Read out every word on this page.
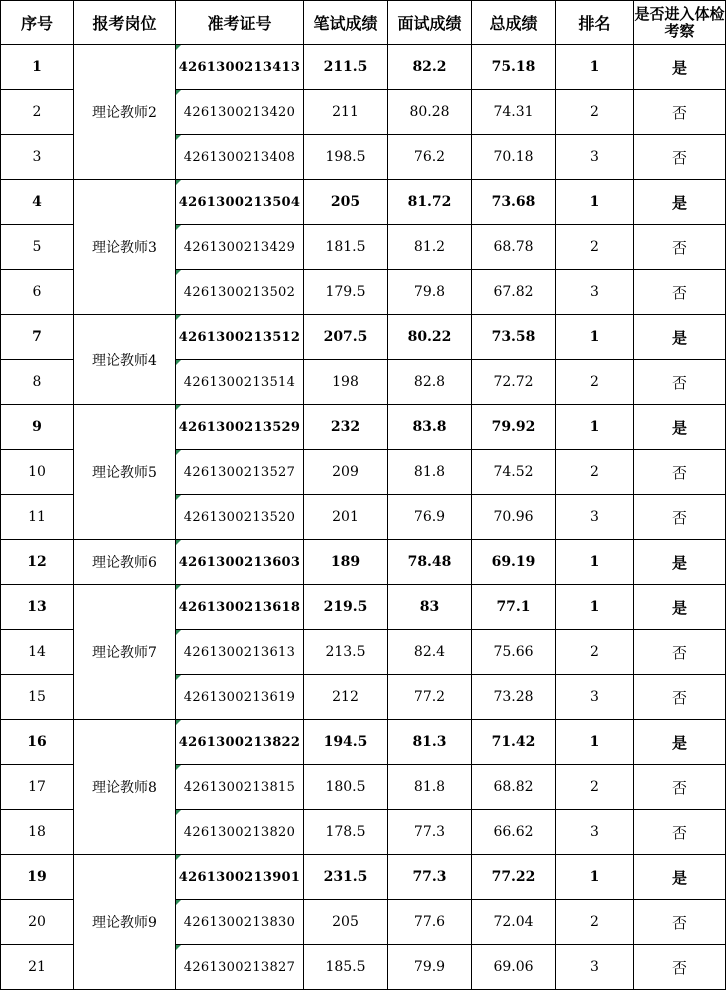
序号	报考岗位	准考证号	笔试成绩	面试成绩	总成绩	排名	是否进入体检考察
1	理论教师2	4261300213413	211.5	82.2	75.18	1	是
2		4261300213420	211	80.28	74.31	2	否
3		4261300213408	198.5	76.2	70.18	3	否
4	理论教师3	4261300213504	205	81.72	73.68	1	是
5		4261300213429	181.5	81.2	68.78	2	否
6		4261300213502	179.5	79.8	67.82	3	否
7	理论教师4	4261300213512	207.5	80.22	73.58	1	是
8		4261300213514	198	82.8	72.72	2	否
9	理论教师5	4261300213529	232	83.8	79.92	1	是
10		4261300213527	209	81.8	74.52	2	否
11		4261300213520	201	76.9	70.96	3	否
12	理论教师6	4261300213603	189	78.48	69.19	1	是
13	理论教师7	4261300213618	219.5	83	77.1	1	是
14		4261300213613	213.5	82.4	75.66	2	否
15		4261300213619	212	77.2	73.28	3	否
16	理论教师8	4261300213822	194.5	81.3	71.42	1	是
17		4261300213815	180.5	81.8	68.82	2	否
18		4261300213820	178.5	77.3	66.62	3	否
19	理论教师9	4261300213901	231.5	77.3	77.22	1	是
20		4261300213830	205	77.6	72.04	2	否
21		4261300213827	185.5	79.9	69.06	3	否
